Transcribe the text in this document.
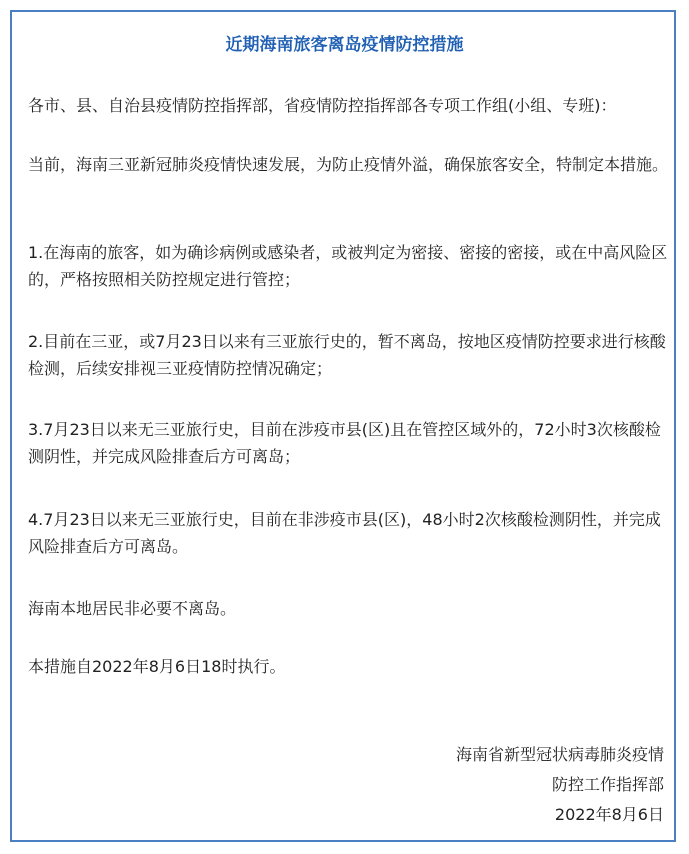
近期海南旅客离岛疫情防控措施
各市、县、自治县疫情防控指挥部，省疫情防控指挥部各专项工作组(小组、专班)：
当前，海南三亚新冠肺炎疫情快速发展，为防止疫情外溢，确保旅客安全，特制定本措施。
1.在海南的旅客，如为确诊病例或感染者，或被判定为密接、密接的密接，或在中高风险区的，严格按照相关防控规定进行管控；
2.目前在三亚，或7月23日以来有三亚旅行史的，暂不离岛，按地区疫情防控要求进行核酸检测，后续安排视三亚疫情防控情况确定；
3.7月23日以来无三亚旅行史，目前在涉疫市县(区)且在管控区域外的，72小时3次核酸检测阴性，并完成风险排查后方可离岛；
4.7月23日以来无三亚旅行史，目前在非涉疫市县(区)，48小时2次核酸检测阴性，并完成风险排查后方可离岛。
海南本地居民非必要不离岛。
本措施自2022年8月6日18时执行。
海南省新型冠状病毒肺炎疫情
防控工作指挥部
2022年8月6日
